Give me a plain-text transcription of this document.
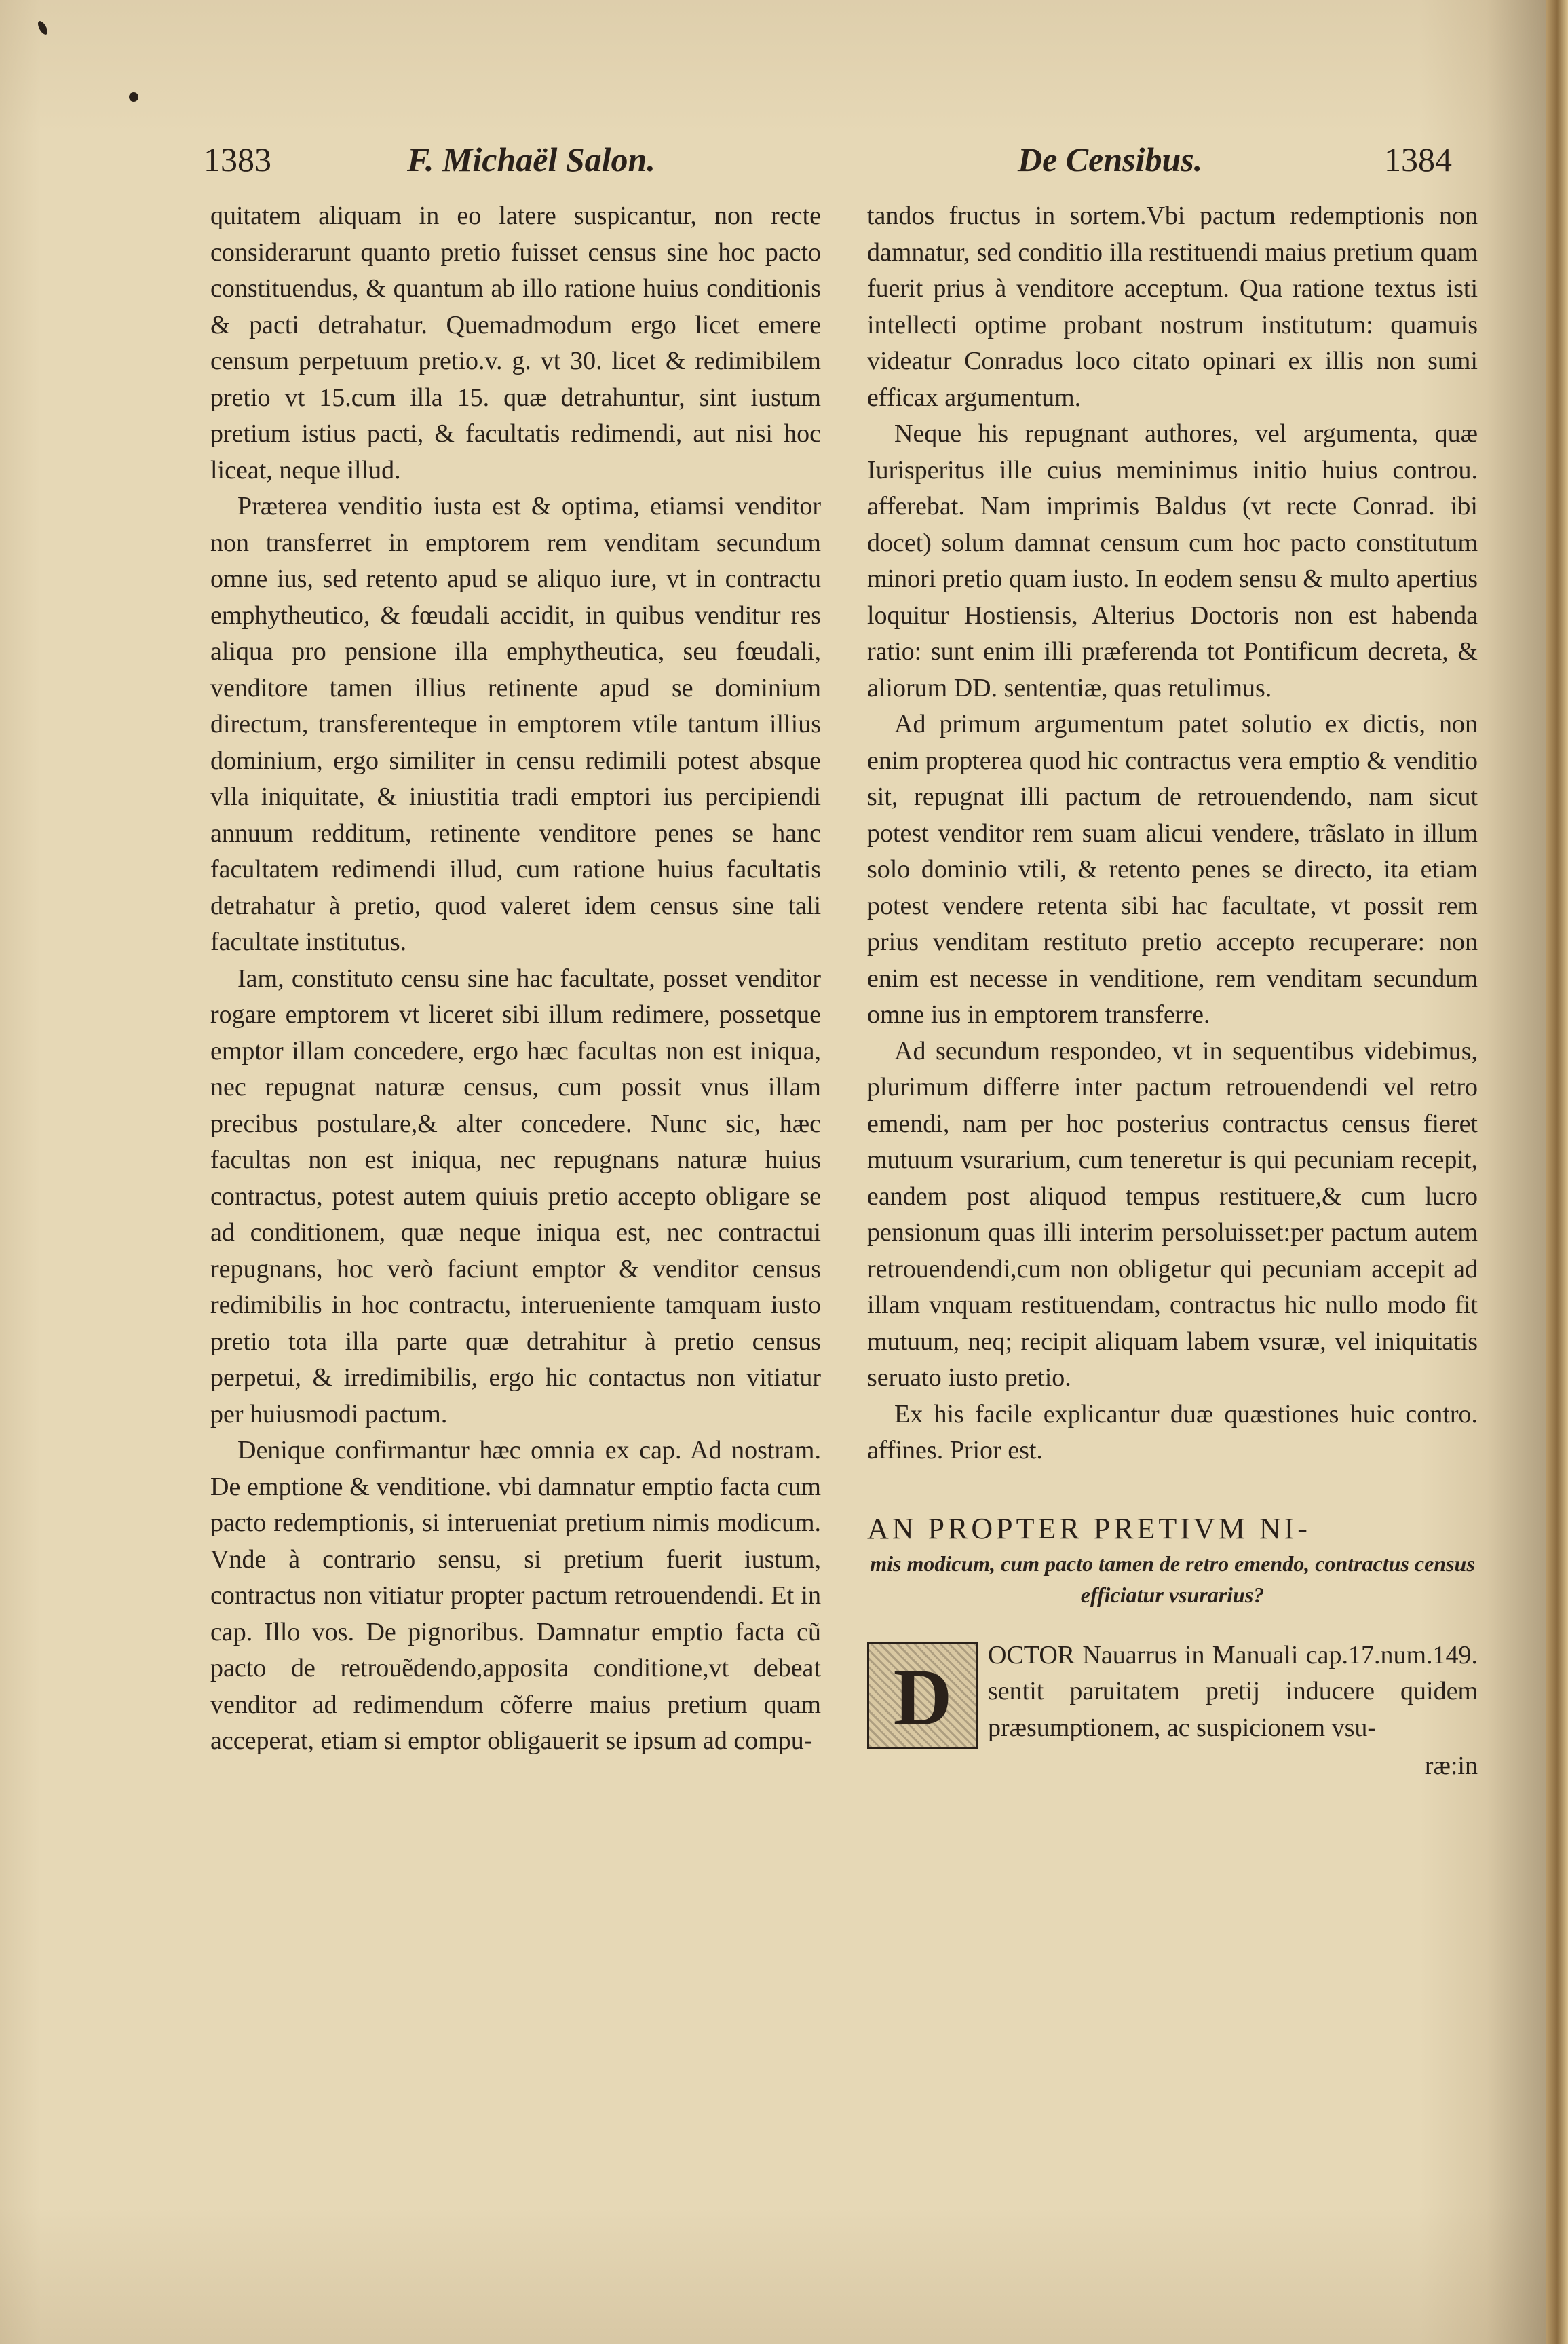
1383	F. Michaël Salon.	De Censibus.	1384

quitatem aliquam in eo latere suspicantur, non recte considerarunt quanto pretio fuisset census sine hoc pacto constituendus, & quantum ab illo ratione huius conditionis & pacti detrahatur. Quemadmodum ergo licet emere censum perpetuum pretio.v. g. vt 30. licet & redimibilem pretio vt 15.cum illa 15. quæ detrahuntur, sint iustum pretium istius pacti, & facultatis redimendi, aut nisi hoc liceat, neque illud.

Præterea venditio iusta est & optima, etiamsi venditor non transferret in emptorem rem venditam secundum omne ius, sed retento apud se aliquo iure, vt in contractu emphytheutico, & fœudali accidit, in quibus venditur res aliqua pro pensione illa emphytheutica, seu fœudali, venditore tamen illius retinente apud se dominium directum, transferenteque in emptorem vtile tantum illius dominium, ergo similiter in censu redimili potest absque vlla iniquitate, & iniustitia tradi emptori ius percipiendi annuum redditum, retinente venditore penes se hanc facultatem redimendi illud, cum ratione huius facultatis detrahatur à pretio, quod valeret idem census sine tali facultate institutus.

Iam, constituto censu sine hac facultate, posset venditor rogare emptorem vt liceret sibi illum redimere, possetque emptor illam concedere, ergo hæc facultas non est iniqua, nec repugnat naturæ census, cum possit vnus illam precibus postulare,& alter concedere. Nunc sic, hæc facultas non est iniqua, nec repugnans naturæ huius contractus, potest autem quiuis pretio accepto obligare se ad conditionem, quæ neque iniqua est, nec contractui repugnans, hoc verò faciunt emptor & venditor census redimibilis in hoc contractu, interueniente tamquam iusto pretio tota illa parte quæ detrahitur à pretio census perpetui, & irredimibilis, ergo hic contactus non vitiatur per huiusmodi pactum.

Denique confirmantur hæc omnia ex cap. Ad nostram. De emptione & venditione. vbi damnatur emptio facta cum pacto redemptionis, si interueniat pretium nimis modicum. Vnde à contrario sensu, si pretium fuerit iustum, contractus non vitiatur propter pactum retrouendendi. Et in cap. Illo vos. De pignoribus. Damnatur emptio facta cũ pacto de retrouẽdendo,apposita conditione,vt debeat venditor ad redimendum cõferre maius pretium quam acceperat, etiam si emptor obligauerit se ipsum ad compu-

tandos fructus in sortem.Vbi pactum redemptionis non damnatur, sed conditio illa restituendi maius pretium quam fuerit prius à venditore acceptum. Qua ratione textus isti intellecti optime probant nostrum institutum: quamuis videatur Conradus loco citato opinari ex illis non sumi efficax argumentum.

Neque his repugnant authores, vel argumenta, quæ Iurisperitus ille cuius meminimus initio huius controu. afferebat. Nam imprimis Baldus (vt recte Conrad. ibi docet) solum damnat censum cum hoc pacto constitutum minori pretio quam iusto. In eodem sensu & multo apertius loquitur Hostiensis, Alterius Doctoris non est habenda ratio: sunt enim illi præferenda tot Pontificum decreta, & aliorum DD. sententiæ, quas retulimus.

Ad primum argumentum patet solutio ex dictis, non enim propterea quod hic contractus vera emptio & venditio sit, repugnat illi pactum de retrouendendo, nam sicut potest venditor rem suam alicui vendere, trãslato in illum solo dominio vtili, & retento penes se directo, ita etiam potest vendere retenta sibi hac facultate, vt possit rem prius venditam restituto pretio accepto recuperare: non enim est necesse in venditione, rem venditam secundum omne ius in emptorem transferre.

Ad secundum respondeo, vt in sequentibus videbimus, plurimum differre inter pactum retrouendendi vel retro emendi, nam per hoc posterius contractus census fieret mutuum vsurarium, cum teneretur is qui pecuniam recepit, eandem post aliquod tempus restituere,& cum lucro pensionum quas illi interim persoluisset:per pactum autem retrouendendi,cum non obligetur qui pecuniam accepit ad illam vnquam restituendam, contractus hic nullo modo fit mutuum, neq; recipit aliquam labem vsuræ, vel iniquitatis seruato iusto pretio.

Ex his facile explicantur duæ quæstiones huic contro. affines. Prior est.

AN PROPTER PRETIVM NI-
mis modicum, cum pacto tamen de retro emendo, contractus census efficiatur vsurarius?
D	OCTOR Nauarrus in Manuali cap.17.num.149. sentit paruitatem pretij inducere quidem præsumptionem, ac suspicionem vsu-

ræ:in
